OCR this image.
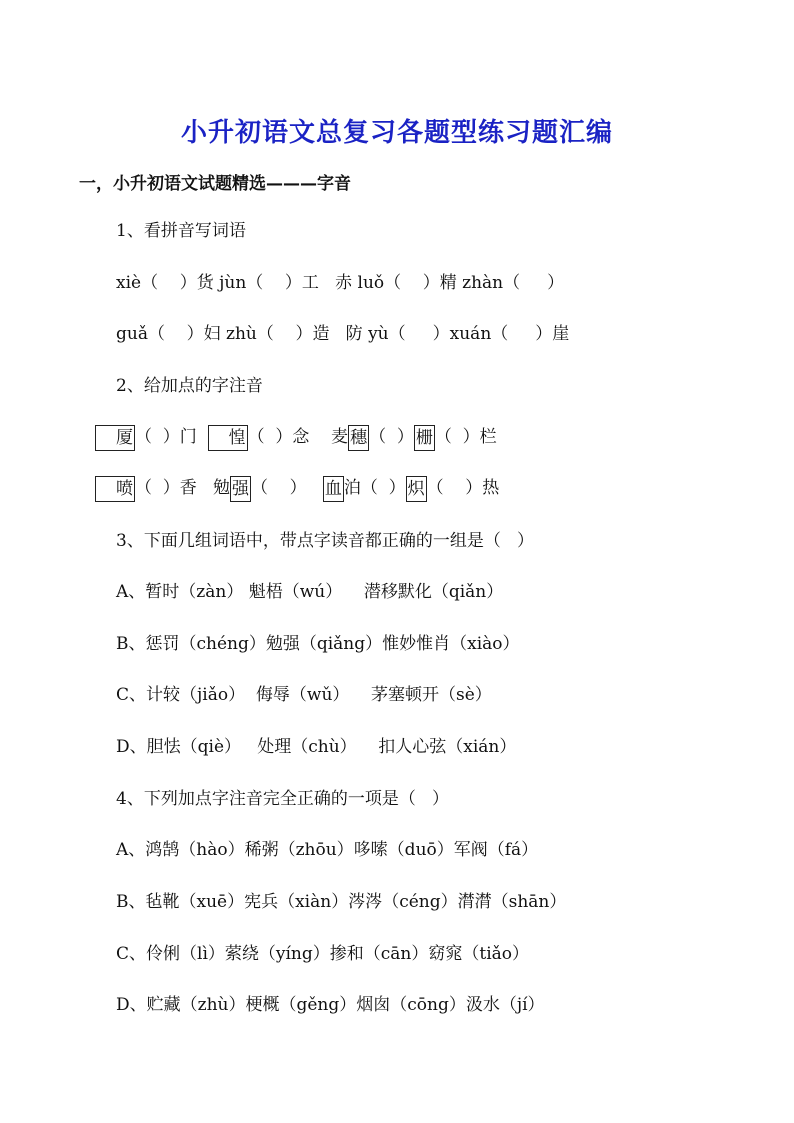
小升初语文总复习各题型练习题汇编
一，小升初语文试题精选———字音
1、看拼音写词语
xiè（    ）货 jùn（    ）工   赤 luǒ（    ）精 zhàn（     ）
guǎ（    ）妇 zhù（    ）造   防 yù（     ）xuán（     ）崖
2、给加点的字注音
厦 （  ）门  惶 （  ）念    麦 穗 （  ） 栅 （  ）栏
喷 （  ）香   勉 强 （    ）   血 泊（  ） 炽 （    ）热
3、下面几组词语中，带点字读音都正确的一组是（   ）
A、暂时（zàn） 魁梧（wú）    潜移默化（qiǎn）
B、惩罚（chéng）勉强（qiǎng）惟妙惟肖（xiào）
C、计较（jiǎo）  侮辱（wǔ）    茅塞顿开（sè）
D、胆怯（qiè）   处理（chù）    扣人心弦（xián）
4、下列加点字注音完全正确的一项是（   ）
A、鸿鹄（hào）稀粥（zhōu）哆嗦（duō）军阀（fá）
B、毡靴（xuē）宪兵（xiàn）涔涔（céng）潸潸（shān）
C、伶俐（lì）萦绕（yíng）掺和（cān）窈窕（tiǎo）
D、贮藏（zhù）梗概（gěng）烟囱（cōng）汲水（jí）
